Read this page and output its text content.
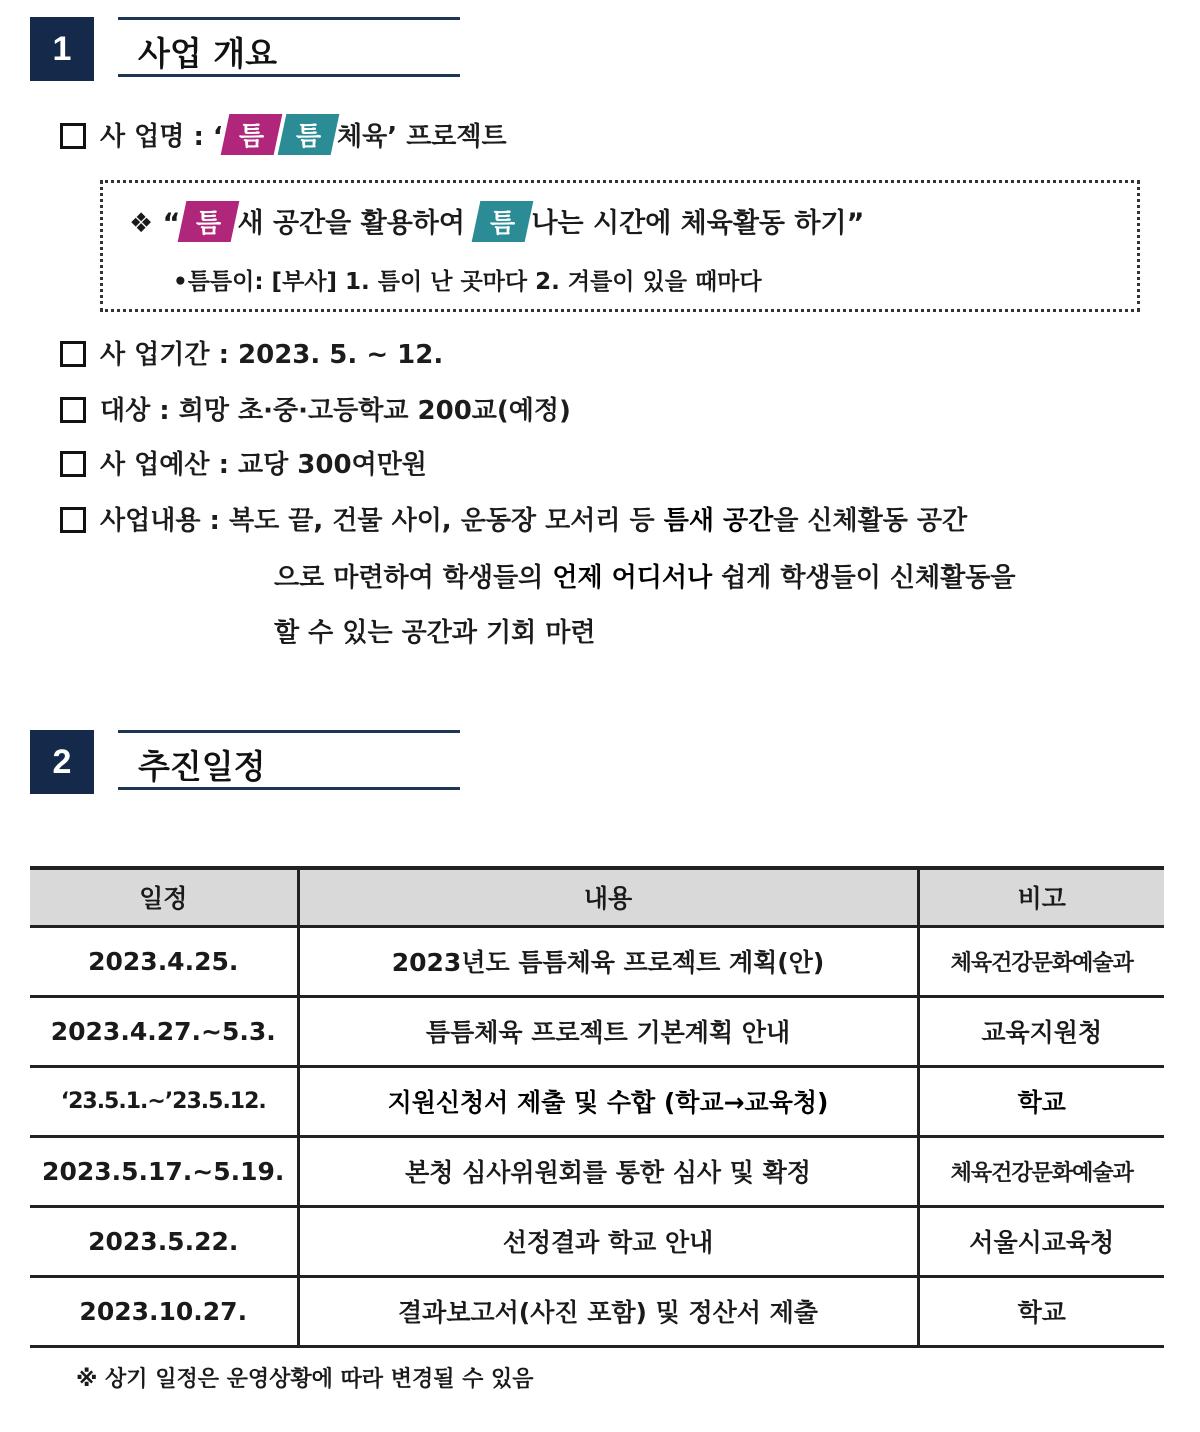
1	사업 개요
사 업명 : ‘ 틈 틈 체육’ 프로젝트
❖ “ 틈 새 공간을 활용하여 틈 나는 시간에 체육활동 하기”
•틈틈이: [부사] 1. 틈이 난 곳마다 2. 겨를이 있을 때마다
사 업기간 : 2023. 5. ~ 12.
대상 : 희망 초·중·고등학교 200교(예정)
사 업예산 : 교당 300여만원
사업내용 : 복도 끝, 건물 사이, 운동장 모서리 등 틈새 공간을 신체활동 공간
으로 마련하여 학생들의 언제 어디서나 쉽게 학생들이 신체활동을
할 수 있는 공간과 기회 마련
2	추진일정
일정	내용	비고
2023.4.25.	2023년도 틈틈체육 프로젝트 계획(안)	체육건강문화예술과
2023.4.27.~5.3.	틈틈체육 프로젝트 기본계획 안내	교육지원청
‘23.5.1.~’23.5.12.	지원신청서 제출 및 수합 (학교→교육청)	학교
2023.5.17.~5.19.	본청 심사위원회를 통한 심사 및 확정	체육건강문화예술과
2023.5.22.	선정결과 학교 안내	서울시교육청
2023.10.27.	결과보고서(사진 포함) 및 정산서 제출	학교
※ 상기 일정은 운영상황에 따라 변경될 수 있음
